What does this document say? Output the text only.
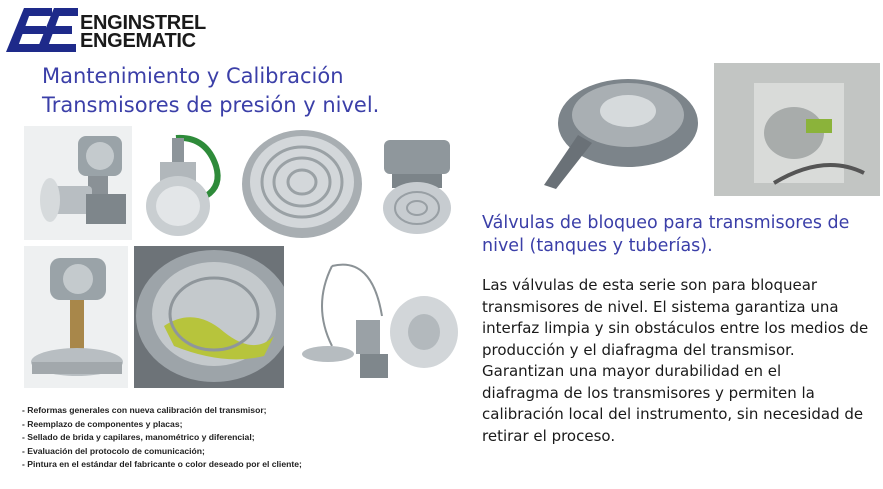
ENGINSTREL
ENGEMATIC
Mantenimiento y Calibración
Transmisores de presión y nivel.
Válvulas de bloqueo para transmisores de
nivel (tanques y tuberías).
Las válvulas de esta serie son para bloquear
transmisores de nivel. El sistema garantiza una
interfaz limpia y sin obstáculos entre los medios de
producción y el diafragma del transmisor.
Garantizan una mayor durabilidad en el
diafragma de los transmisores y permiten la
calibración local del instrumento, sin necesidad de
retirar el proceso.
- Reformas generales con nueva calibración del transmisor;
- Reemplazo de componentes y placas;
- Sellado de brida y capilares, manométrico y diferencial;
- Evaluación del protocolo de comunicación;
- Pintura en el estándar del fabricante o color deseado por el cliente;
